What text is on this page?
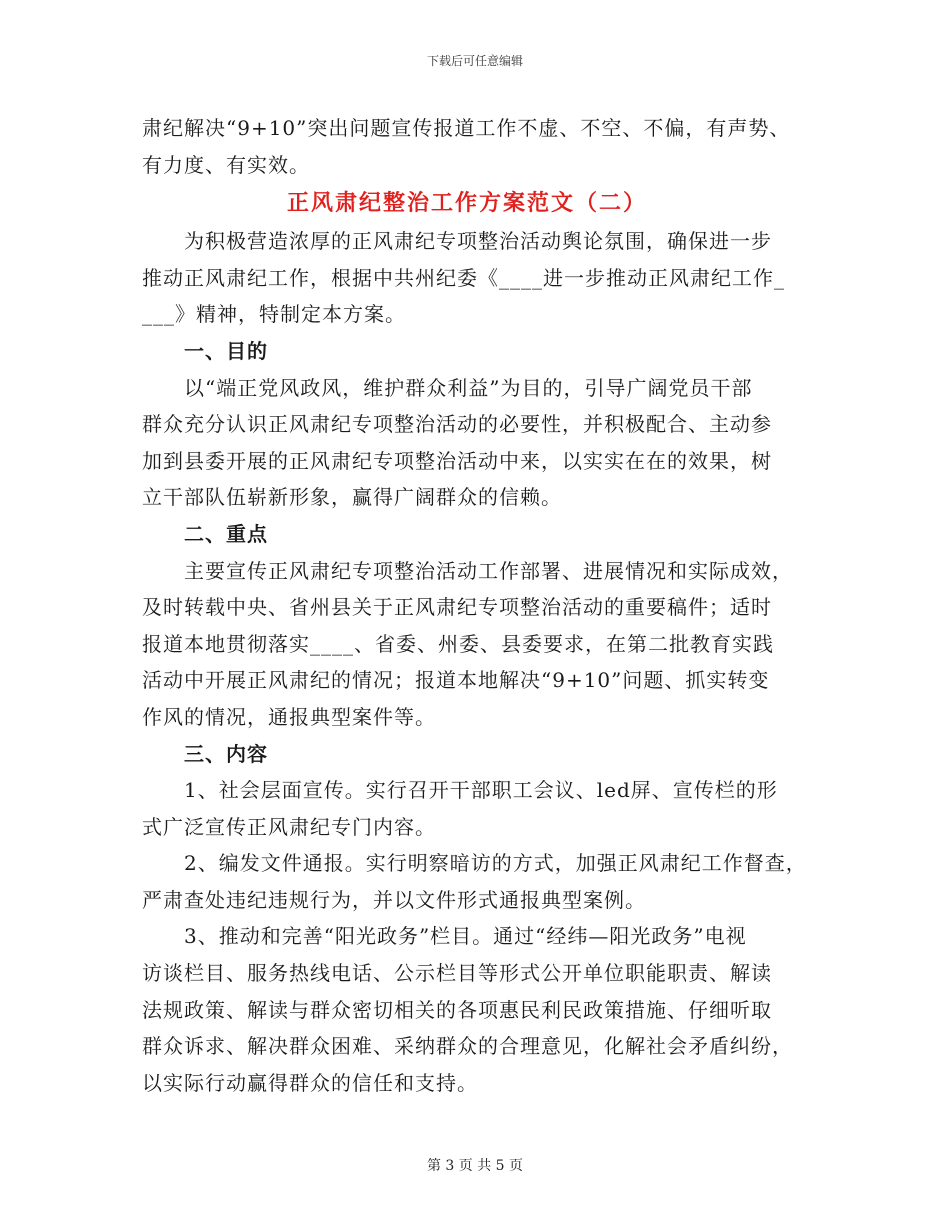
下载后可任意编辑
肃纪解决“9+10”突出问题宣传报道工作不虚、不空、不偏，有声势、
有力度、有实效。
正风肃纪整治工作方案范文（二）
为积极营造浓厚的正风肃纪专项整治活动舆论氛围，确保进一步
推动正风肃纪工作，根据中共州纪委《____进一步推动正风肃纪工作_
___》精神，特制定本方案。
一、目的
以“端正党风政风，维护群众利益”为目的，引导广阔党员干部
群众充分认识正风肃纪专项整治活动的必要性，并积极配合、主动参
加到县委开展的正风肃纪专项整治活动中来，以实实在在的效果，树
立干部队伍崭新形象，赢得广阔群众的信赖。
二、重点
主要宣传正风肃纪专项整治活动工作部署、进展情况和实际成效，
及时转载中央、省州县关于正风肃纪专项整治活动的重要稿件；适时
报道本地贯彻落实____、省委、州委、县委要求，在第二批教育实践
活动中开展正风肃纪的情况；报道本地解决“9+10”问题、抓实转变
作风的情况，通报典型案件等。
三、内容
1、社会层面宣传。实行召开干部职工会议、led屏、宣传栏的形
式广泛宣传正风肃纪专门内容。
2、编发文件通报。实行明察暗访的方式，加强正风肃纪工作督查，
严肃查处违纪违规行为，并以文件形式通报典型案例。
3、推动和完善“阳光政务”栏目。通过“经纬—阳光政务”电视
访谈栏目、服务热线电话、公示栏目等形式公开单位职能职责、解读
法规政策、解读与群众密切相关的各项惠民利民政策措施、仔细听取
群众诉求、解决群众困难、采纳群众的合理意见，化解社会矛盾纠纷，
以实际行动赢得群众的信任和支持。
第 3 页 共 5 页
